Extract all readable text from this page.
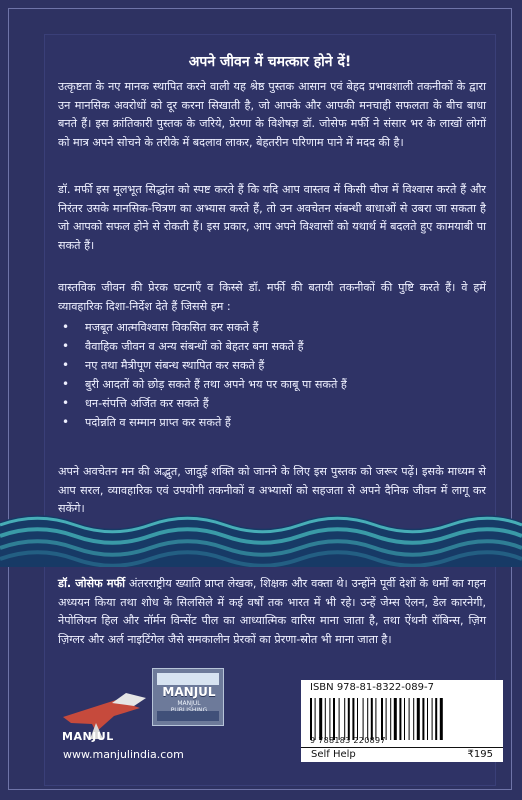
अपने जीवन में चमत्कार होने दें!
उत्कृष्टता के नए मानक स्थापित करने वाली यह श्रेष्ठ पुस्तक आसान एवं बेहद प्रभावशाली तकनीकों के द्वारा उन मानसिक अवरोधों को दूर करना सिखाती है, जो आपके और आपकी मनचाही सफलता के बीच बाधा बनते हैं। इस क्रांतिकारी पुस्तक के जरिये, प्रेरणा के विशेषज्ञ डॉ. जोसेफ मर्फी ने संसार भर के लाखों लोगों को मात्र अपने सोचने के तरीके में बदलाव लाकर, बेहतरीन परिणाम पाने में मदद की है।
डॉ. मर्फी इस मूलभूत सिद्धांत को स्पष्ट करते हैं कि यदि आप वास्तव में किसी चीज में विश्वास करते हैं और निरंतर उसके मानसिक-चित्रण का अभ्यास करते हैं, तो उन अवचेतन संबन्धी बाधाओं से उबरा जा सकता है जो आपको सफल होने से रोकती हैं। इस प्रकार, आप अपने विश्वासों को यथार्थ में बदलते हुए कामयाबी पा सकते हैं।
वास्तविक जीवन की प्रेरक घटनाएँ व किस्से डॉ. मर्फी की बतायी तकनीकों की पुष्टि करते हैं। वे हमें व्यावहारिक दिशा-निर्देश देते हैं जिससे हम :
• मजबूत आत्मविश्वास विकसित कर सकते हैं
• वैवाहिक जीवन व अन्य संबन्धों को बेहतर बना सकते हैं
• नए तथा मैत्रीपूण संबन्ध स्थापित कर सकते हैं
• बुरी आदतों को छोड़ सकते हैं तथा अपने भय पर काबू पा सकते हैं
• धन-संपत्ति अर्जित कर सकते हैं
• पदोन्नति व सम्मान प्राप्त कर सकते हैं
अपने अवचेतन मन की अद्भुत, जादुई शक्ति को जानने के लिए इस पुस्तक को जरूर पढ़ें। इसके माध्यम से आप सरल, व्यावहारिक एवं उपयोगी तकनीकों व अभ्यासों को सहजता से अपने दैनिक जीवन में लागू कर सकेंगे।
डॉ. जोसेफ मर्फी अंतरराष्ट्रीय ख्याति प्राप्त लेखक, शिक्षक और वक्ता थे। उन्होंने पूर्वी देशों के धर्मों का गहन अध्ययन किया तथा शोध के सिलसिले में कई वर्षों तक भारत में भी रहे। उन्हें जेम्स ऐलन, डेल कारनेगी, नेपोलियन हिल और नॉर्मन विन्सेंट पील का आध्यात्मिक वारिस माना जाता है, तथा ऐंथनी रॉबिन्स, ज़िग ज़िग्लर और अर्ल नाइटिंगेल जैसे समकालीन प्रेरकों का प्रेरणा-स्रोत भी माना जाता है।
MANJUL
www.manjulindia.com
MANJUL
MANJUL
ISBN 978-81-8322-089-7
9 788183 220897
Self Help	₹195
